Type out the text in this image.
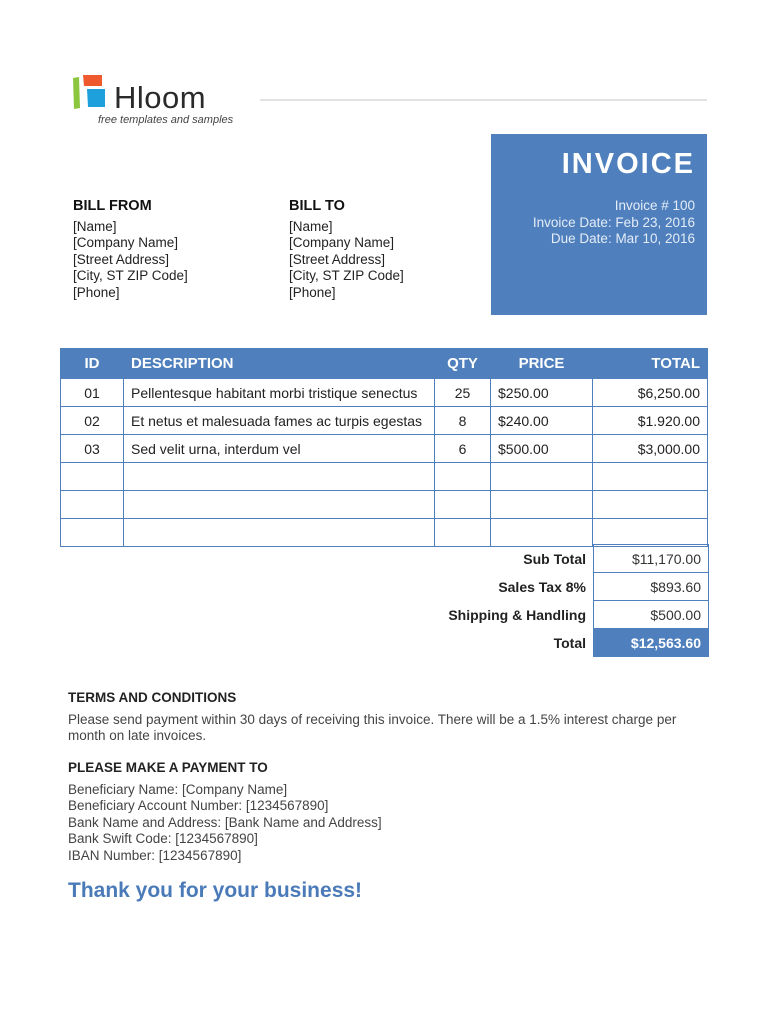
Hloom
free templates and samples
INVOICE
Invoice # 100
Invoice Date: Feb 23, 2016
Due Date: Mar 10, 2016
BILL FROM
[Name]
[Company Name]
[Street Address]
[City, ST ZIP Code]
[Phone]
BILL TO
[Name]
[Company Name]
[Street Address]
[City, ST ZIP Code]
[Phone]
ID	DESCRIPTION	QTY	PRICE	TOTAL
01	Pellentesque habitant morbi tristique senectus	25	$250.00	$6,250.00
02	Et netus et malesuada fames ac turpis egestas	8	$240.00	$1.920.00
03	Sed velit urna, interdum vel	6	$500.00	$3,000.00

Sub Total	$11,170.00
Sales Tax 8%	$893.60
Shipping & Handling	$500.00
Total	$12,563.60
TERMS AND CONDITIONS
Please send payment within 30 days of receiving this invoice. There will be a 1.5% interest charge per month on late invoices.
PLEASE MAKE A PAYMENT TO
Beneficiary Name: [Company Name]
Beneficiary Account Number: [1234567890]
Bank Name and Address: [Bank Name and Address]
Bank Swift Code: [1234567890]
IBAN Number: [1234567890]
Thank you for your business!
